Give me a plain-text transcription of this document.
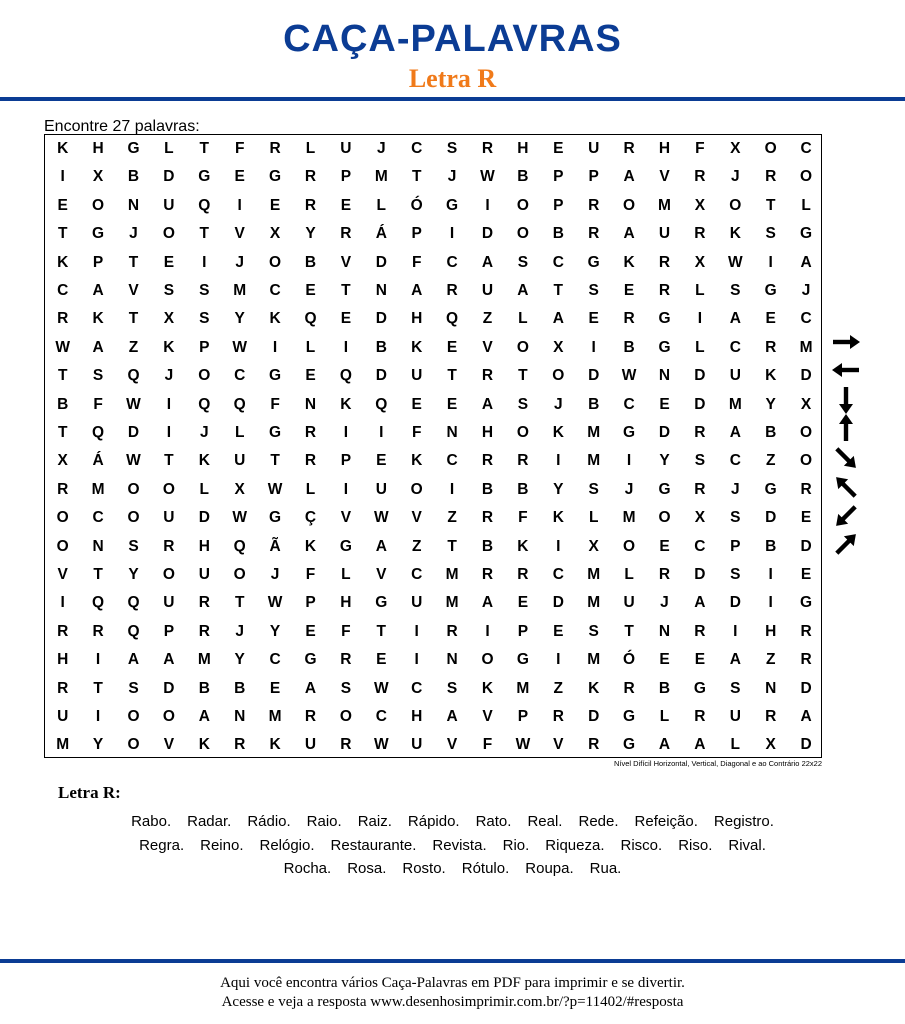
CAÇA-PALAVRAS
Letra R
Encontre 27 palavras:
K	H	G	L	T	F	R	L	U	J	C	S	R	H	E	U	R	H	F	X	O	C
I	X	B	D	G	E	G	R	P	M	T	J	W	B	P	P	A	V	R	J	R	O
E	O	N	U	Q	I	E	R	E	L	Ó	G	I	O	P	R	O	M	X	O	T	L
T	G	J	O	T	V	X	Y	R	Á	P	I	D	O	B	R	A	U	R	K	S	G
K	P	T	E	I	J	O	B	V	D	F	C	A	S	C	G	K	R	X	W	I	A
C	A	V	S	S	M	C	E	T	N	A	R	U	A	T	S	E	R	L	S	G	J
R	K	T	X	S	Y	K	Q	E	D	H	Q	Z	L	A	E	R	G	I	A	E	C
W	A	Z	K	P	W	I	L	I	B	K	E	V	O	X	I	B	G	L	C	R	M
T	S	Q	J	O	C	G	E	Q	D	U	T	R	T	O	D	W	N	D	U	K	D
B	F	W	I	Q	Q	F	N	K	Q	E	E	A	S	J	B	C	E	D	M	Y	X
T	Q	D	I	J	L	G	R	I	I	F	N	H	O	K	M	G	D	R	A	B	O
X	Á	W	T	K	U	T	R	P	E	K	C	R	R	I	M	I	Y	S	C	Z	O
R	M	O	O	L	X	W	L	I	U	O	I	B	B	Y	S	J	G	R	J	G	R
O	C	O	U	D	W	G	Ç	V	W	V	Z	R	F	K	L	M	O	X	S	D	E
O	N	S	R	H	Q	Ã	K	G	A	Z	T	B	K	I	X	O	E	C	P	B	D
V	T	Y	O	U	O	J	F	L	V	C	M	R	R	C	M	L	R	D	S	I	E
I	Q	Q	U	R	T	W	P	H	G	U	M	A	E	D	M	U	J	A	D	I	G
R	R	Q	P	R	J	Y	E	F	T	I	R	I	P	E	S	T	N	R	I	H	R
H	I	A	A	M	Y	C	G	R	E	I	N	O	G	I	M	Ó	E	E	A	Z	R
R	T	S	D	B	B	E	A	S	W	C	S	K	M	Z	K	R	B	G	S	N	D
U	I	O	O	A	N	M	R	O	C	H	A	V	P	R	D	G	L	R	U	R	A
M	Y	O	V	K	R	K	U	R	W	U	V	F	W	V	R	G	A	A	L	X	D
Nível Difícil Horizontal, Vertical, Diagonal e ao Contrário 22x22
Letra R:
Rabo. Radar. Rádio. Raio. Raiz. Rápido. Rato. Real. Rede. Refeição. Registro.
Regra. Reino. Relógio. Restaurante. Revista. Rio. Riqueza. Risco. Riso. Rival.
Rocha. Rosa. Rosto. Rótulo. Roupa. Rua.
Aqui você encontra vários Caça-Palavras em PDF para imprimir e se divertir.
Acesse e veja a resposta www.desenhosimprimir.com.br/?p=11402/#resposta
